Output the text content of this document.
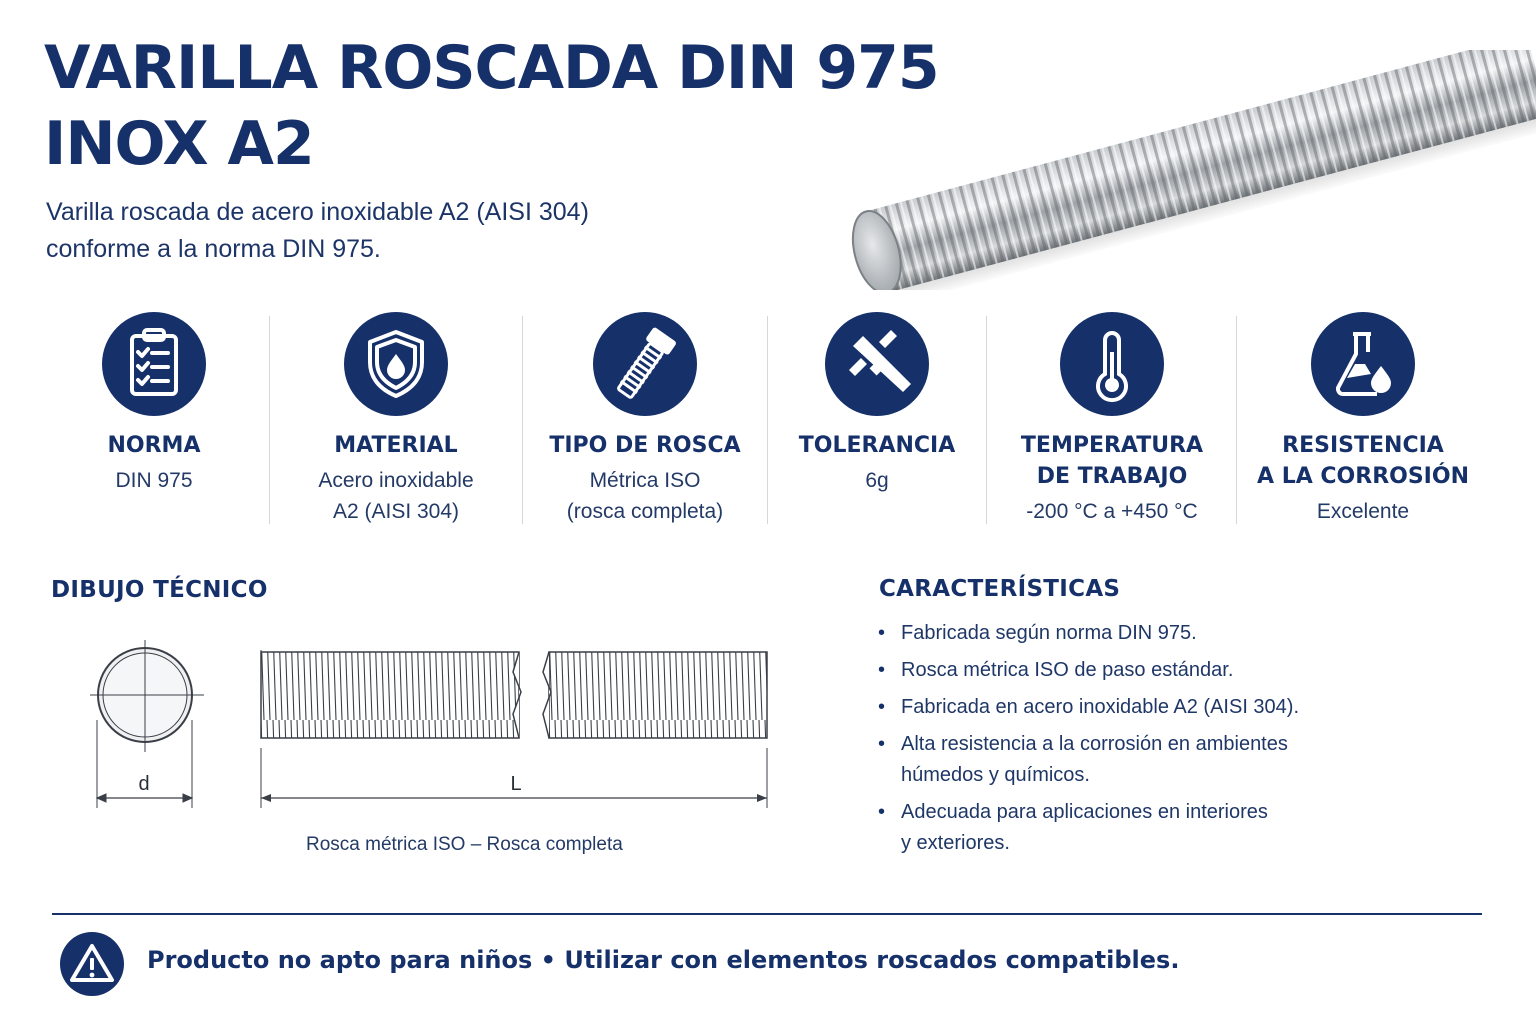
VARILLA ROSCADA DIN 975
INOX A2
Varilla roscada de acero inoxidable A2 (AISI 304)
conforme a la norma DIN 975.
NORMA
DIN 975
MATERIAL
Acero inoxidable
A2 (AISI 304)
TIPO DE ROSCA
Métrica ISO
(rosca completa)
TOLERANCIA
6g
TEMPERATURA
DE TRABAJO
-200 °C a +450 °C
RESISTENCIA
A LA CORROSIÓN
Excelente
DIBUJO TÉCNICO
d	L
Rosca métrica ISO – Rosca completa
CARACTERÍSTICAS
• Fabricada según norma DIN 975.
• Rosca métrica ISO de paso estándar.
• Fabricada en acero inoxidable A2 (AISI 304).
• Alta resistencia a la corrosión en ambientes
húmedos y químicos.
• Adecuada para aplicaciones en interiores
y exteriores.
Producto no apto para niños • Utilizar con elementos roscados compatibles.
